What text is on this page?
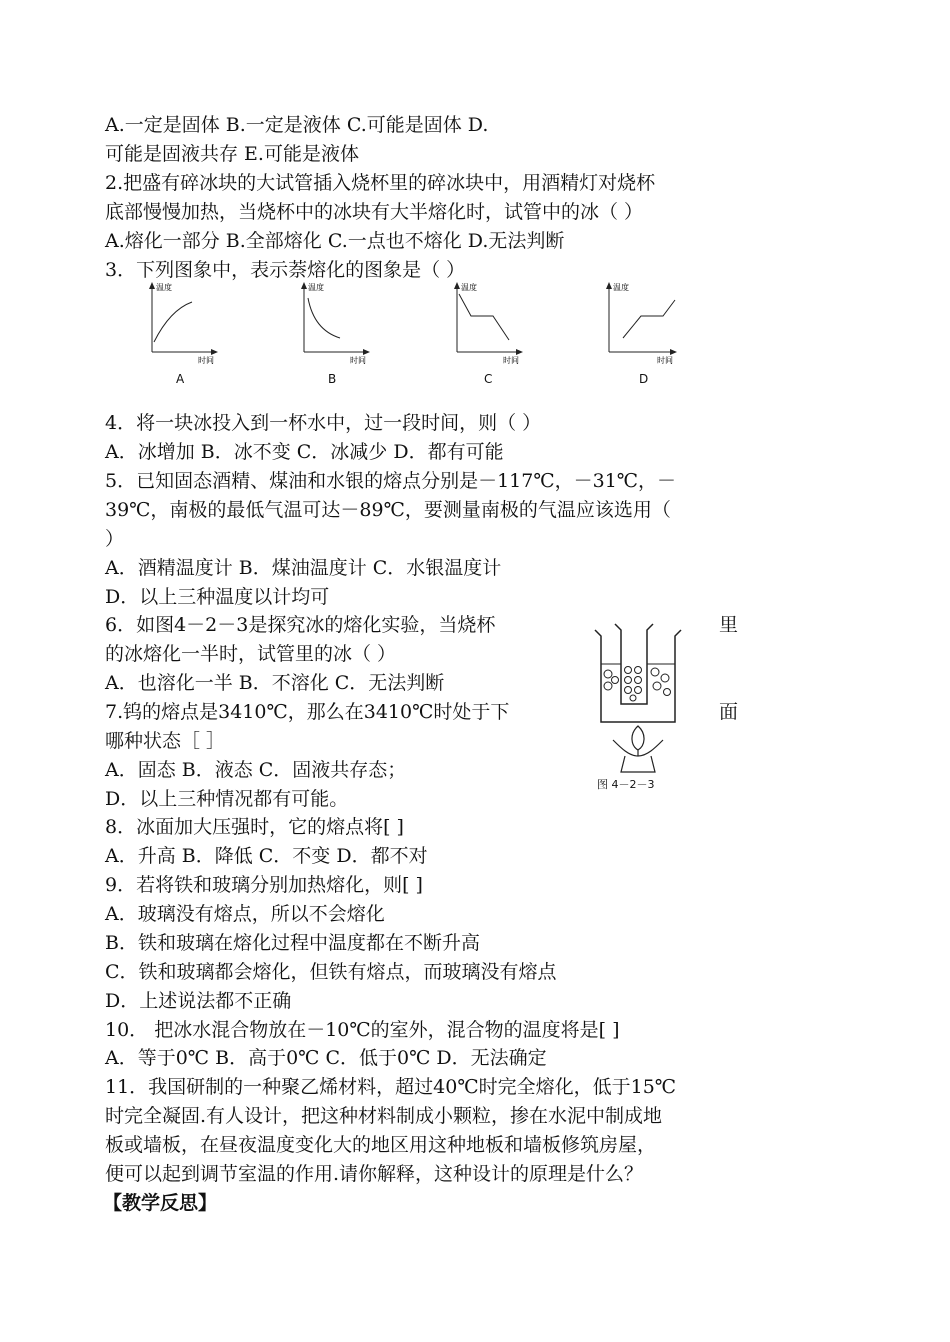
A.一定是固体 B.一定是液体 C.可能是固体 D.
可能是固液共存 E.可能是液体
2.把盛有碎冰块的大试管插入烧杯里的碎冰块中，用酒精灯对烧杯
底部慢慢加热，当烧杯中的冰块有大半熔化时，试管中的冰（ ）
A.熔化一部分 B.全部熔化 C.一点也不熔化 D.无法判断
3．下列图象中，表示萘熔化的图象是（ ）
4．将一块冰投入到一杯水中，过一段时间，则（ ）
A．冰增加 B．冰不变 C．冰减少 D．都有可能
5．已知固态酒精、煤油和水银的熔点分别是－117℃，－31℃，－
39℃，南极的最低气温可达－89℃，要测量南极的气温应该选用（
）
A．酒精温度计 B．煤油温度计 C．水银温度计
D．以上三种温度以计均可
6．如图4－2－3是探究冰的熔化实验，当烧杯
的冰熔化一半时，试管里的冰（ ）
A．也溶化一半 B．不溶化 C．无法判断
7.钨的熔点是3410℃，那么在3410℃时处于下
哪种状态［ ］
A．固态 B．液态 C．固液共存态；
D．以上三种情况都有可能。
8．冰面加大压强时，它的熔点将[ ]
A．升高 B．降低 C．不变 D．都不对
9．若将铁和玻璃分别加热熔化，则[ ]
A．玻璃没有熔点，所以不会熔化
B．铁和玻璃在熔化过程中温度都在不断升高
C．铁和玻璃都会熔化，但铁有熔点，而玻璃没有熔点
D．上述说法都不正确
10． 把冰水混合物放在－10℃的室外，混合物的温度将是[ ]
A．等于0℃ B．高于0℃ C．低于0℃ D．无法确定
11．我国研制的一种聚乙烯材料，超过40℃时完全熔化，低于15℃
时完全凝固.有人设计，把这种材料制成小颗粒，掺在水泥中制成地
板或墙板，在昼夜温度变化大的地区用这种地板和墙板修筑房屋，
便可以起到调节室温的作用.请你解释，这种设计的原理是什么？
里
面
温度
时间
A
温度
时间
B
温度
时间
C
温度
时间
D
图 4－2－3
【教学反思】
